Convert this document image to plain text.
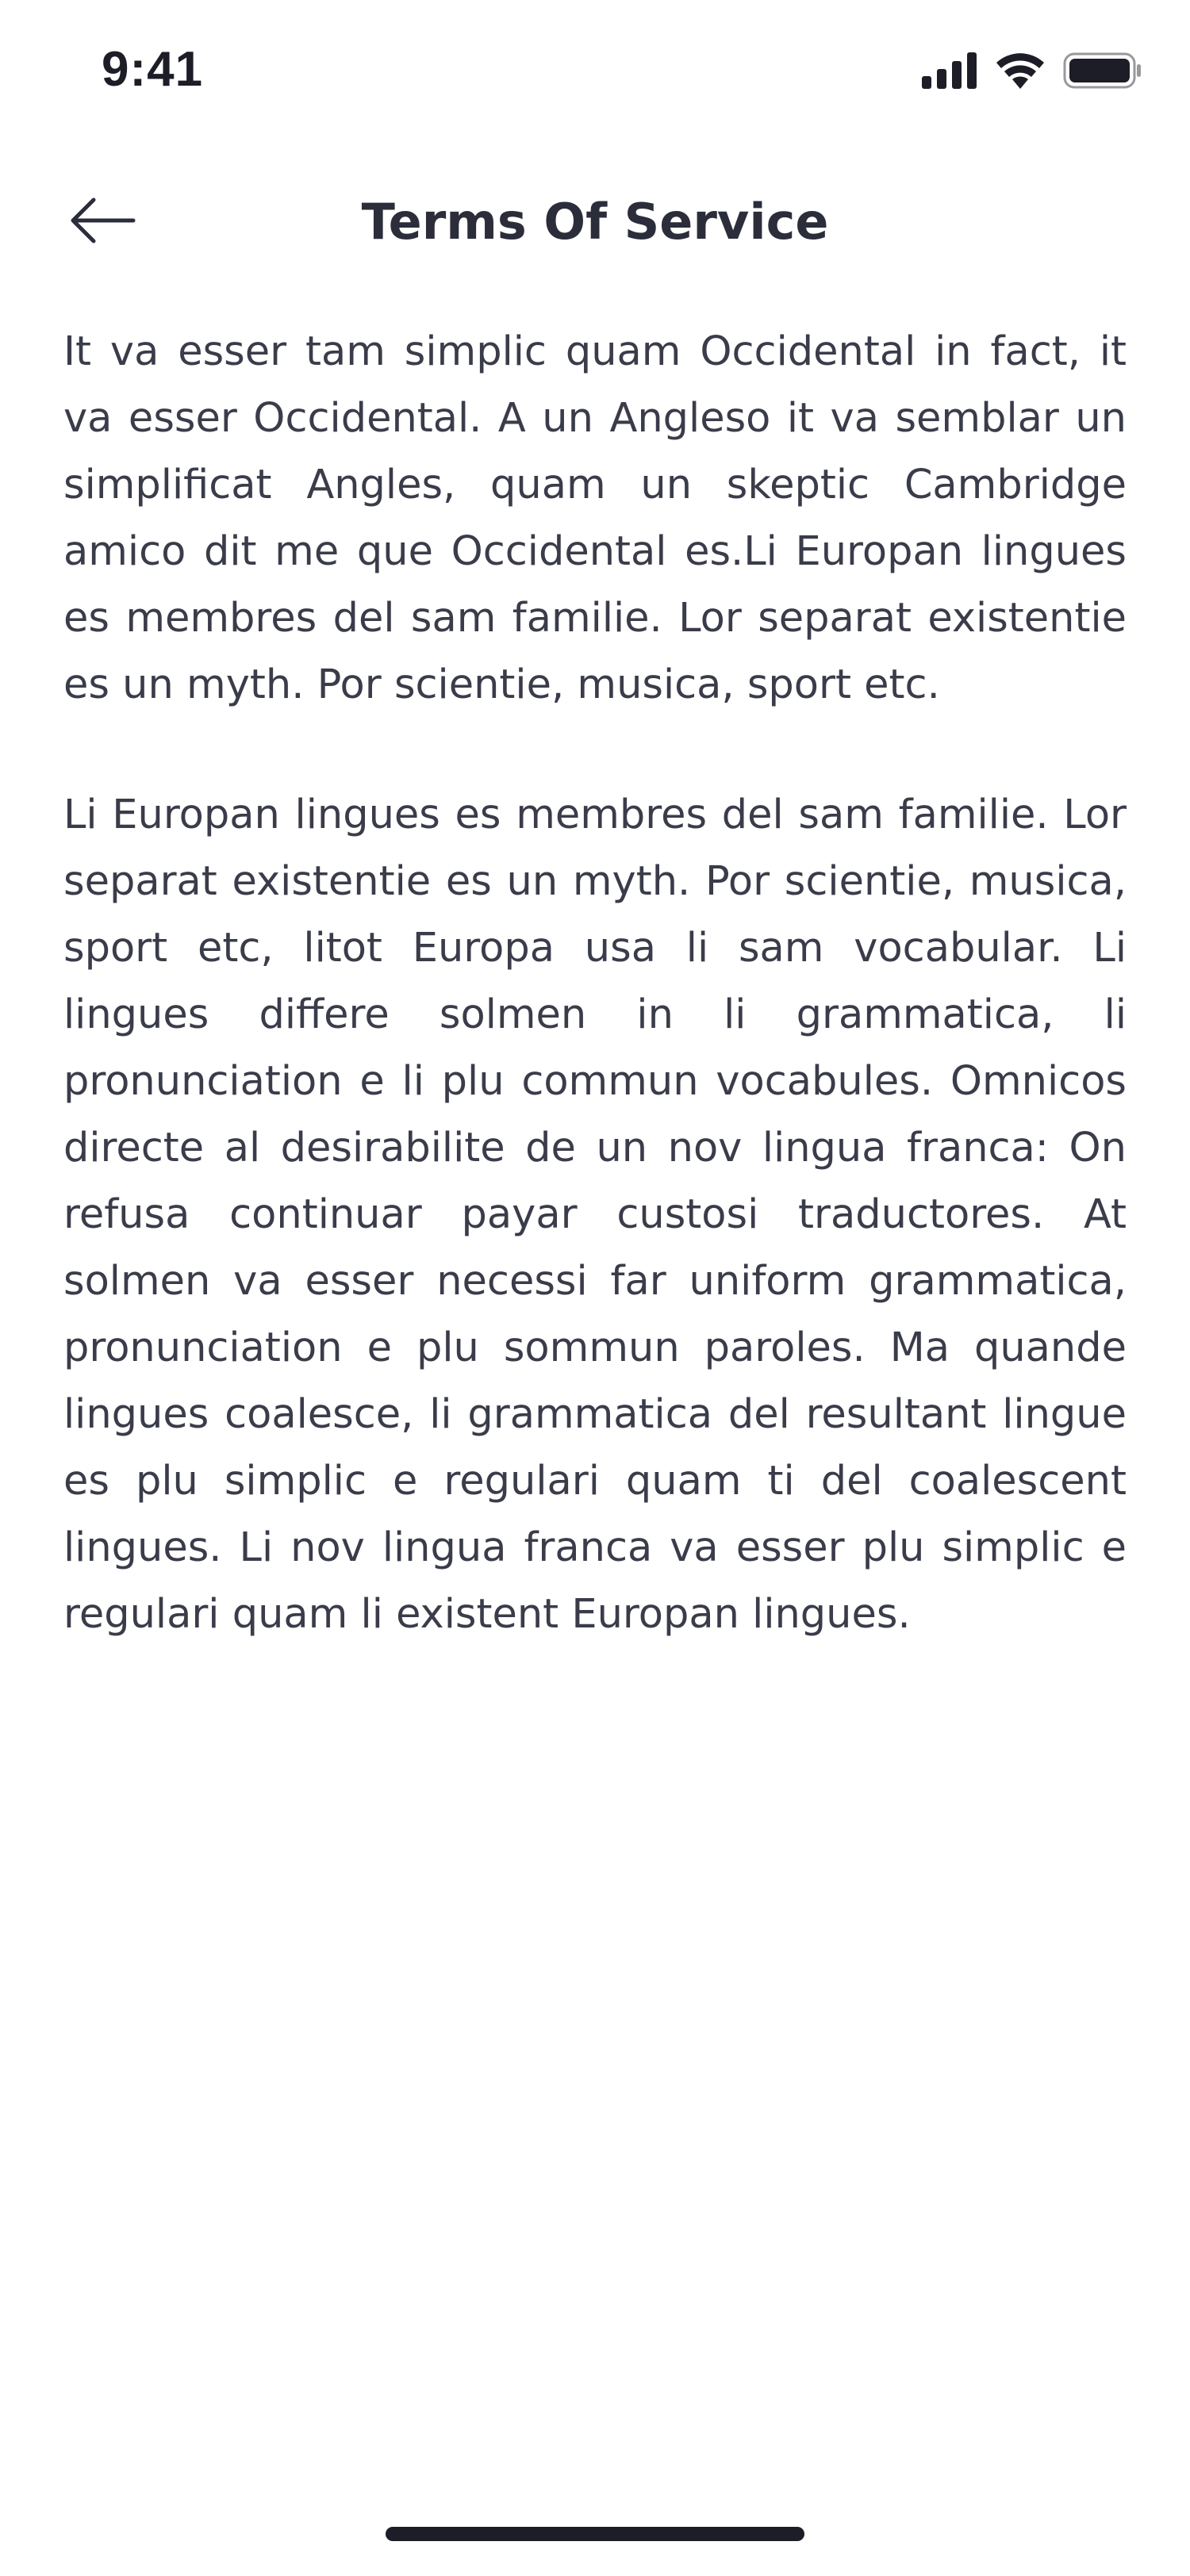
9:41
Terms Of Service

It va esser tam simplic quam Occidental in fact, it va esser Occidental. A un Angleso it va semblar un simplificat Angles, quam un skeptic Cambridge amico dit me que Occidental es.Li Europan lingues es membres del sam familie. Lor separat existentie es un myth. Por scientie, musica, sport etc.

Li Europan lingues es membres del sam familie. Lor separat existentie es un myth. Por scientie, musica, sport etc, litot Europa usa li sam vocabular. Li lingues differe solmen in li grammatica, li pronunciation e li plu commun vocabules. Omnicos directe al desirabilite de un nov lingua franca: On refusa continuar payar custosi traductores. At solmen va esser necessi far uniform grammatica, pronunciation e plu sommun paroles. Ma quande lingues coalesce, li grammatica del resultant lingue es plu simplic e regulari quam ti del coalescent lingues. Li nov lingua franca va esser plu simplic e regulari quam li existent Europan lingues.
